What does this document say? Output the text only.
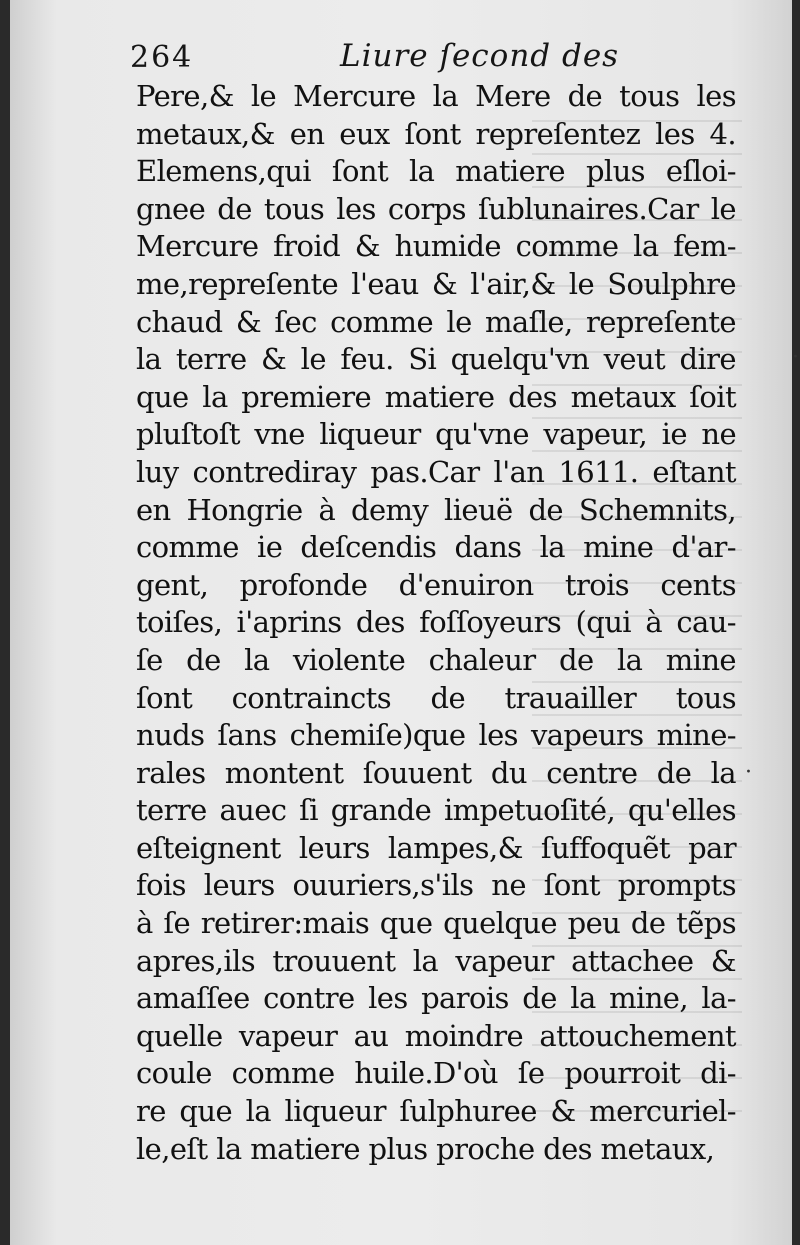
264	Liure ſecond des
Pere,& le Mercure la Mere de tous les
metaux,& en eux ſont repreſentez les 4.
Elemens,qui ſont la matiere plus eſloi-
gnee de tous les corps ſublunaires.Car le
Mercure froid & humide comme la fem-
me,repreſente l'eau & l'air,& le Soulphre
chaud & ſec comme le maſle, repreſente
la terre & le feu. Si quelqu'vn veut dire
que la premiere matiere des metaux ſoit
pluſtoſt vne liqueur qu'vne vapeur, ie ne
luy contrediray pas.Car l'an 1611. eſtant
en Hongrie à demy lieuë de Schemnits,
comme ie deſcendis dans la mine d'ar-
gent, profonde d'enuiron trois cents
toiſes, i'aprins des foſſoyeurs (qui à cau-
ſe de la violente chaleur de la mine
ſont contraincts de trauailler tous
nuds ſans chemiſe)que les vapeurs mine-
rales montent ſouuent du centre de la
terre auec ſi grande impetuoſité, qu'elles
eſteignent leurs lampes,& ſuffoquẽt par
fois leurs ouuriers,s'ils ne ſont prompts
à ſe retirer:mais que quelque peu de tẽps
apres,ils trouuent la vapeur attachee &
amaſſee contre les parois de la mine, la-
quelle vapeur au moindre attouchement
coule comme huile.D'où ſe pourroit di-
re que la liqueur ſulphuree & mercuriel-
le,eſt la matiere plus proche des metaux,
·
·
